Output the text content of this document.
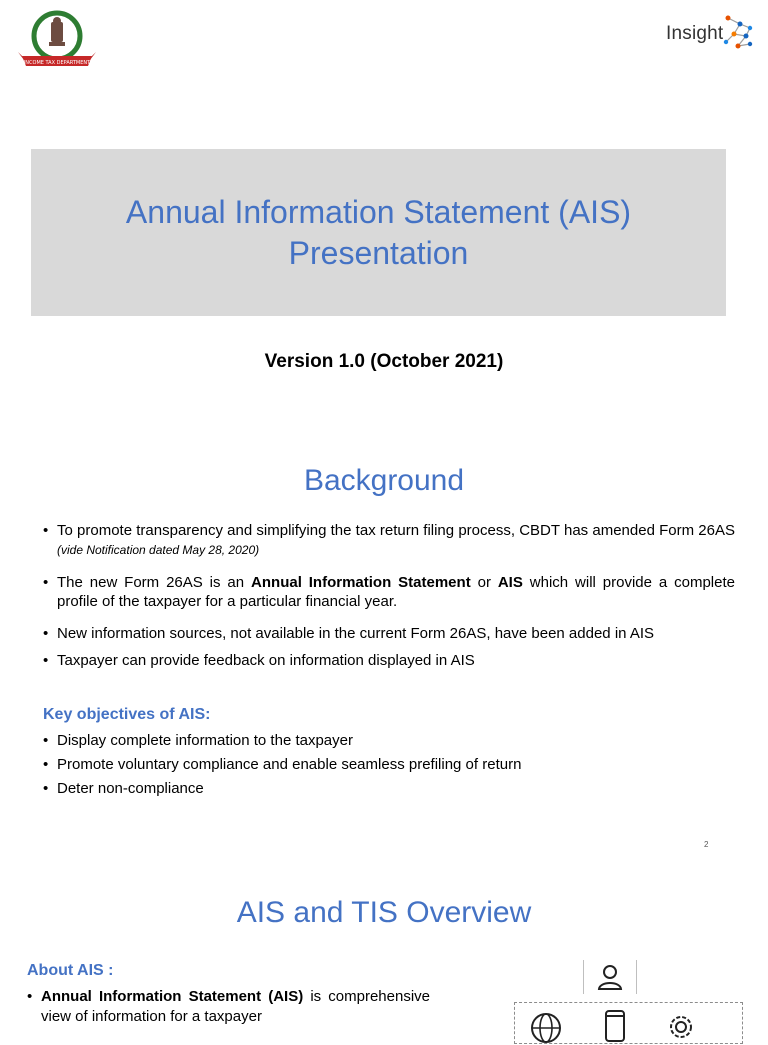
INCOME TAX DEPARTMENT
Insight
Annual Information Statement (AIS)
Presentation
Version 1.0 (October 2021)
Background
• To promote transparency and simplifying the tax return filing process, CBDT has amended Form 26AS (vide Notification dated May 28, 2020)
• The new Form 26AS is an Annual Information Statement or AIS which will provide a complete profile of the taxpayer for a particular financial year.
• New information sources, not available in the current Form 26AS, have been added in AIS
• Taxpayer can provide feedback on information displayed in AIS
Key objectives of AIS:
• Display complete information to the taxpayer
• Promote voluntary compliance and enable seamless prefiling of return
• Deter non-compliance
2
AIS and TIS Overview
About AIS :
• Annual Information Statement (AIS) is comprehensive view of information for a taxpayer
